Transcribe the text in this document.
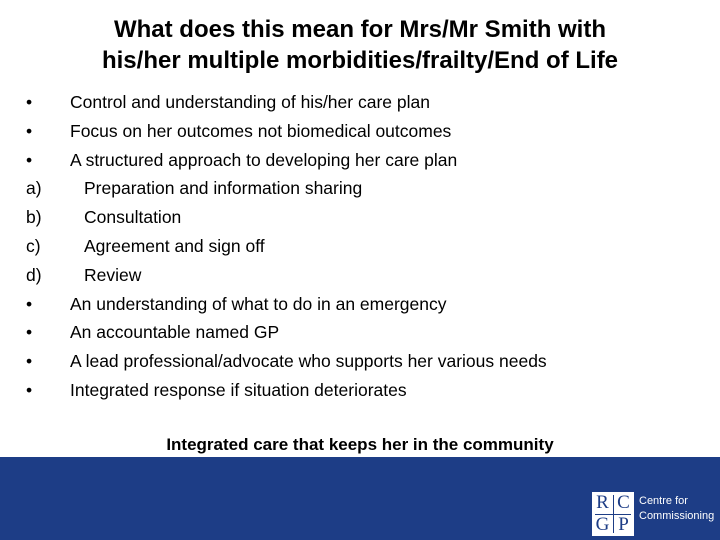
What does this mean for Mrs/Mr Smith with
his/her multiple morbidities/frailty/End of Life
• Control and understanding of his/her care plan
• Focus on her outcomes not biomedical outcomes
• A structured approach to developing her care plan
a) Preparation and information sharing
b) Consultation
c) Agreement and sign off
d) Review
• An understanding of what to do in an emergency
• An accountable named GP
• A lead professional/advocate who supports her various needs
• Integrated response if situation deteriorates
Integrated care that keeps her in the community
R C
G P
Centre for
Commissioning
